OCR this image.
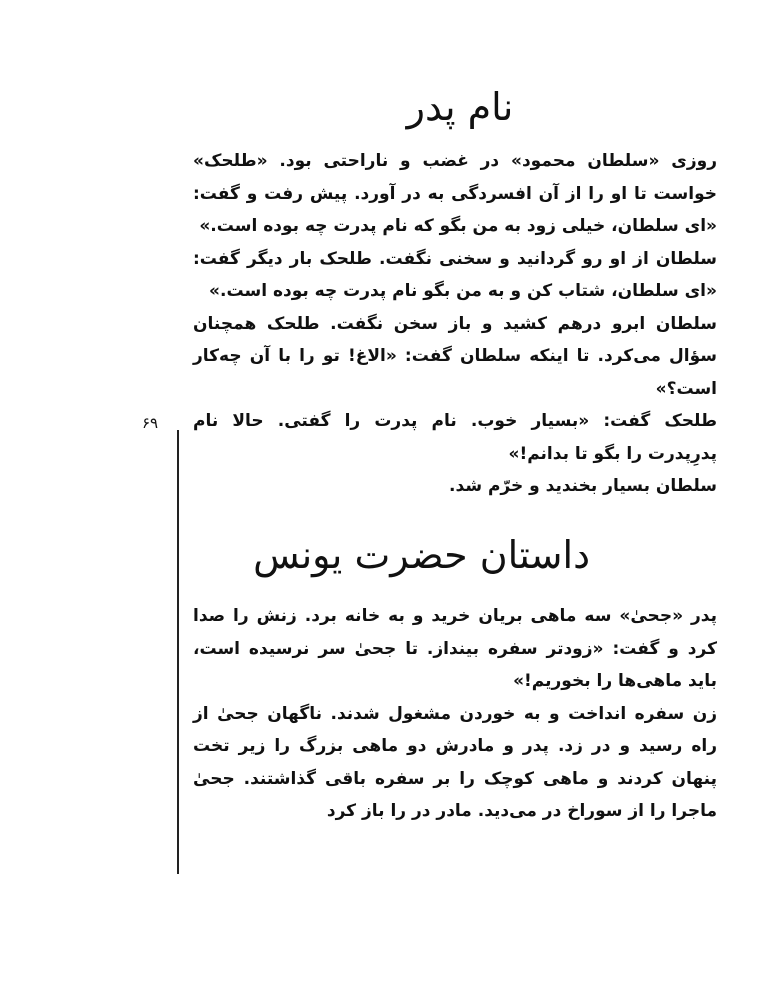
۶۹
نام پدر

روزی «سلطان محمود» در غضب و ناراحتی بود. «طلحک» خواست تا او را از آن افسردگی به در آورد. پیش رفت و گفت: «ای سلطان، خیلی زود به من بگو که نام پدرت چه بوده است.»

سلطان از او رو گردانید و سخنی نگفت. طلحک بار دیگر گفت: «ای سلطان، شتاب کن و به من بگو نام پدرت چه بوده است.»

سلطان ابرو درهم کشید و باز سخن نگفت. طلحک همچنان سؤال می‌کرد. تا اینکه سلطان گفت: «الاغ! تو را با آن چه‌کار است؟»

طلحک گفت: «بسیار خوب. نام پدرت را گفتی. حالا نام پدرِپدرت را بگو تا بدانم!»

سلطان بسیار بخندید و خرّم شد.

داستان حضرت یونس

پدر «جحیٰ» سه ماهی بریان خرید و به خانه برد. زنش را صدا کرد و گفت: «زودتر سفره بینداز. تا جحیٰ سر نرسیده است، باید ماهی‌ها را بخوریم!»

زن سفره انداخت و به خوردن مشغول شدند. ناگهان جحیٰ از راه رسید و در زد. پدر و مادرش دو ماهی بزرگ را زیر تخت پنهان کردند و ماهی کوچک را بر سفره باقی گذاشتند. جحیٰ ماجرا را از سوراخ در می‌دید. مادر در را باز کرد
